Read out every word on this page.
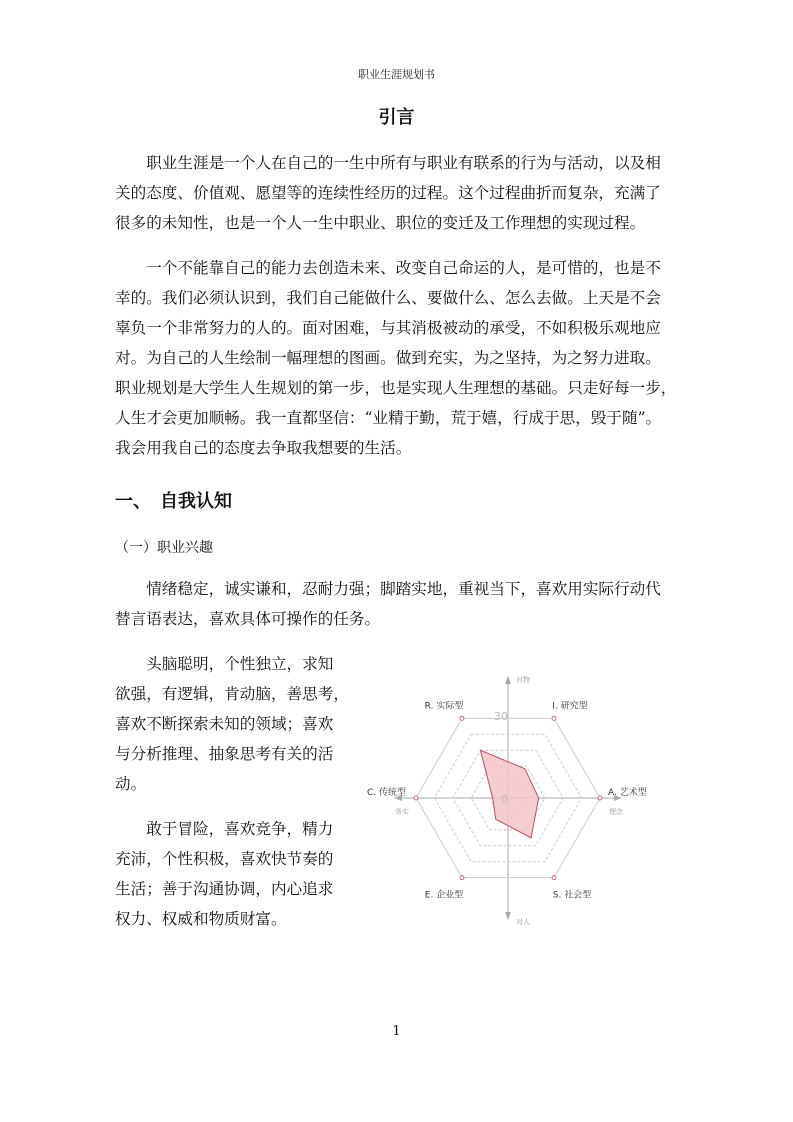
职业生涯规划书
引言
　　职业生涯是一个人在自己的一生中所有与职业有联系的行为与活动，以及相
关的态度、价值观、愿望等的连续性经历的过程。这个过程曲折而复杂，充满了
很多的未知性，也是一个人一生中职业、职位的变迁及工作理想的实现过程。
　　一个不能靠自己的能力去创造未来、改变自己命运的人，是可惜的，也是不
幸的。我们必须认识到，我们自己能做什么、要做什么、怎么去做。上天是不会
辜负一个非常努力的人的。面对困难，与其消极被动的承受，不如积极乐观地应
对。为自己的人生绘制一幅理想的图画。做到充实，为之坚持，为之努力进取。
职业规划是大学生人生规划的第一步，也是实现人生理想的基础。只走好每一步，
人生才会更加顺畅。我一直都坚信：“业精于勤，荒于嬉，行成于思，毁于随”。
我会用我自己的态度去争取我想要的生活。
一、　自我认知
（一）职业兴趣
　　情绪稳定，诚实谦和，忍耐力强；脚踏实地，重视当下，喜欢用实际行动代
替言语表达，喜欢具体可操作的任务。
　　头脑聪明，个性独立，求知
欲强，有逻辑，肯动脑，善思考，
喜欢不断探索未知的领域；喜欢
与分析推理、抽象思考有关的活
动。
　　敢于冒险，喜欢竞争，精力
充沛，个性积极，喜欢快节奏的
生活；善于沟通协调，内心追求
权力、权威和物质财富。
R. 实际型	I. 研究型
A. 艺术型
S. 社会型
E. 企业型
C. 传统型	0
30
对物
对人
务实	理念
1
